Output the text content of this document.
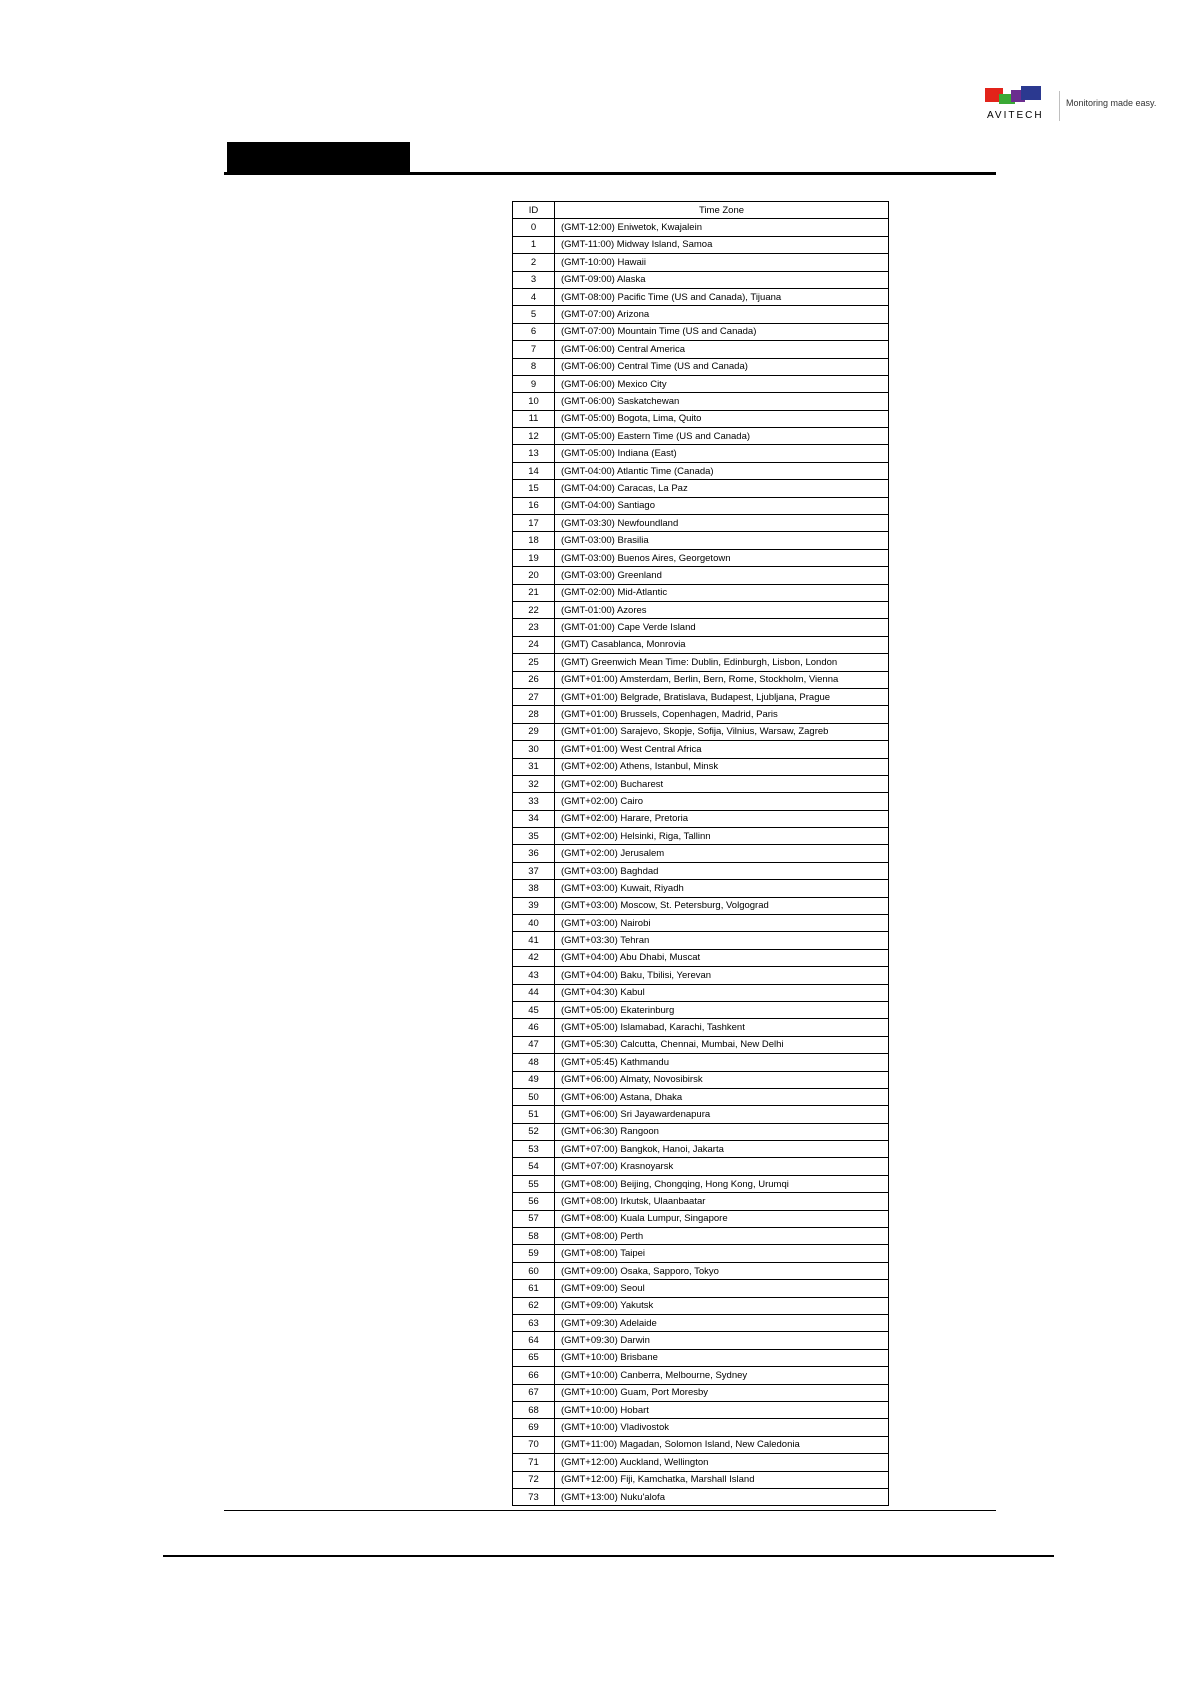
AVITECH
Monitoring made easy.
ID	Time Zone
0	(GMT-12:00) Eniwetok, Kwajalein
1	(GMT-11:00) Midway Island, Samoa
2	(GMT-10:00) Hawaii
3	(GMT-09:00) Alaska
4	(GMT-08:00) Pacific Time (US and Canada), Tijuana
5	(GMT-07:00) Arizona
6	(GMT-07:00) Mountain Time (US and Canada)
7	(GMT-06:00) Central America
8	(GMT-06:00) Central Time (US and Canada)
9	(GMT-06:00) Mexico City
10	(GMT-06:00) Saskatchewan
11	(GMT-05:00) Bogota, Lima, Quito
12	(GMT-05:00) Eastern Time (US and Canada)
13	(GMT-05:00) Indiana (East)
14	(GMT-04:00) Atlantic Time (Canada)
15	(GMT-04:00) Caracas, La Paz
16	(GMT-04:00) Santiago
17	(GMT-03:30) Newfoundland
18	(GMT-03:00) Brasilia
19	(GMT-03:00) Buenos Aires, Georgetown
20	(GMT-03:00) Greenland
21	(GMT-02:00) Mid-Atlantic
22	(GMT-01:00) Azores
23	(GMT-01:00) Cape Verde Island
24	(GMT) Casablanca, Monrovia
25	(GMT) Greenwich Mean Time: Dublin, Edinburgh, Lisbon, London
26	(GMT+01:00) Amsterdam, Berlin, Bern, Rome, Stockholm, Vienna
27	(GMT+01:00) Belgrade, Bratislava, Budapest, Ljubljana, Prague
28	(GMT+01:00) Brussels, Copenhagen, Madrid, Paris
29	(GMT+01:00) Sarajevo, Skopje, Sofija, Vilnius, Warsaw, Zagreb
30	(GMT+01:00) West Central Africa
31	(GMT+02:00) Athens, Istanbul, Minsk
32	(GMT+02:00) Bucharest
33	(GMT+02:00) Cairo
34	(GMT+02:00) Harare, Pretoria
35	(GMT+02:00) Helsinki, Riga, Tallinn
36	(GMT+02:00) Jerusalem
37	(GMT+03:00) Baghdad
38	(GMT+03:00) Kuwait, Riyadh
39	(GMT+03:00) Moscow, St. Petersburg, Volgograd
40	(GMT+03:00) Nairobi
41	(GMT+03:30) Tehran
42	(GMT+04:00) Abu Dhabi, Muscat
43	(GMT+04:00) Baku, Tbilisi, Yerevan
44	(GMT+04:30) Kabul
45	(GMT+05:00) Ekaterinburg
46	(GMT+05:00) Islamabad, Karachi, Tashkent
47	(GMT+05:30) Calcutta, Chennai, Mumbai, New Delhi
48	(GMT+05:45) Kathmandu
49	(GMT+06:00) Almaty, Novosibirsk
50	(GMT+06:00) Astana, Dhaka
51	(GMT+06:00) Sri Jayawardenapura
52	(GMT+06:30) Rangoon
53	(GMT+07:00) Bangkok, Hanoi, Jakarta
54	(GMT+07:00) Krasnoyarsk
55	(GMT+08:00) Beijing, Chongqing, Hong Kong, Urumqi
56	(GMT+08:00) Irkutsk, Ulaanbaatar
57	(GMT+08:00) Kuala Lumpur, Singapore
58	(GMT+08:00) Perth
59	(GMT+08:00) Taipei
60	(GMT+09:00) Osaka, Sapporo, Tokyo
61	(GMT+09:00) Seoul
62	(GMT+09:00) Yakutsk
63	(GMT+09:30) Adelaide
64	(GMT+09:30) Darwin
65	(GMT+10:00) Brisbane
66	(GMT+10:00) Canberra, Melbourne, Sydney
67	(GMT+10:00) Guam, Port Moresby
68	(GMT+10:00) Hobart
69	(GMT+10:00) Vladivostok
70	(GMT+11:00) Magadan, Solomon Island, New Caledonia
71	(GMT+12:00) Auckland, Wellington
72	(GMT+12:00) Fiji, Kamchatka, Marshall Island
73	(GMT+13:00) Nuku'alofa
